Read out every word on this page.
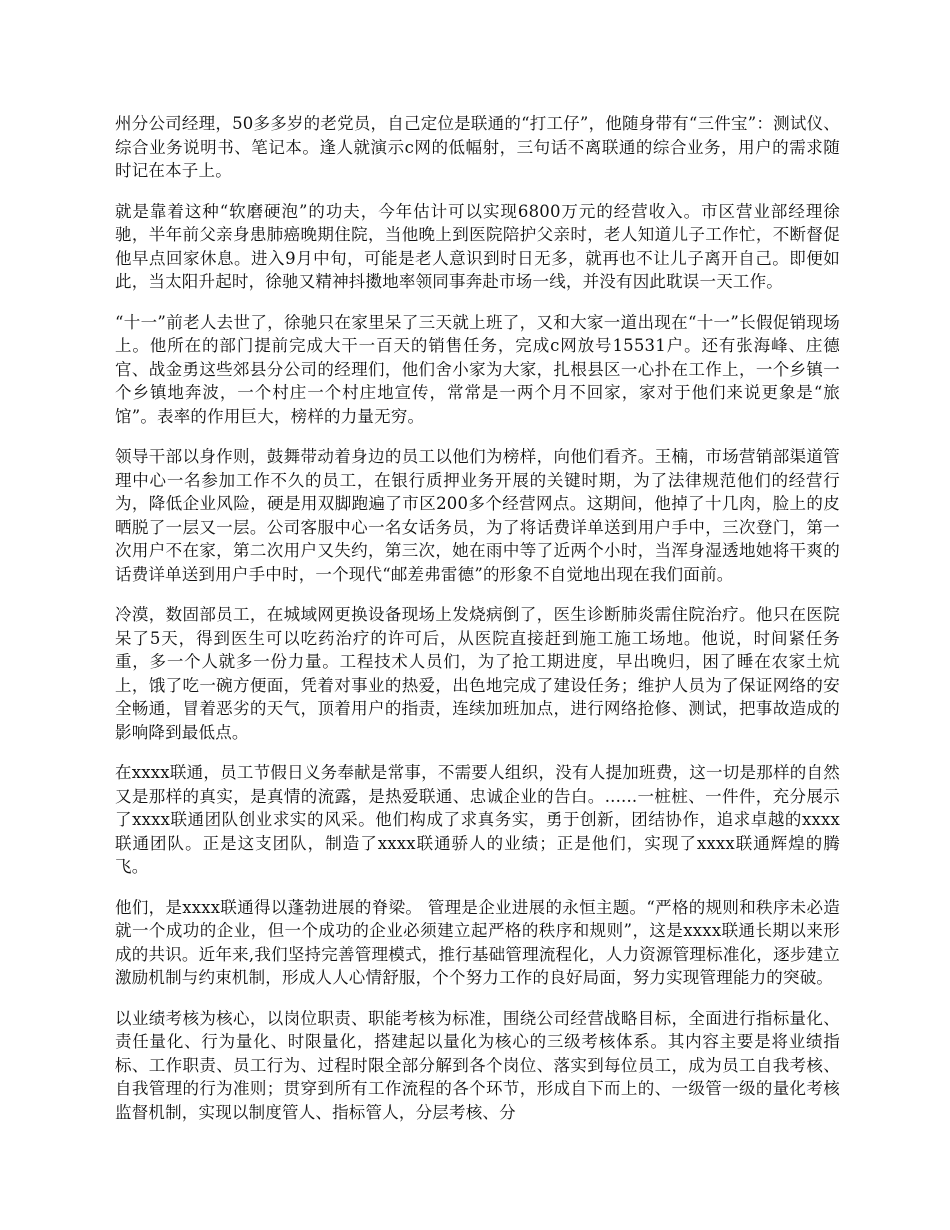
州分公司经理，50多多岁的老党员，自己定位是联通的“打工仔”，他随身带有“三件宝”：测试仪、综合业务说明书、笔记本。逢人就演示c网的低幅射，三句话不离联通的综合业务，用户的需求随时记在本子上。

就是靠着这种“软磨硬泡”的功夫，今年估计可以实现6800万元的经营收入。市区营业部经理徐驰，半年前父亲身患肺癌晚期住院，当他晚上到医院陪护父亲时，老人知道儿子工作忙，不断督促他早点回家休息。进入9月中旬，可能是老人意识到时日无多，就再也不让儿子离开自己。即便如此，当太阳升起时，徐驰又精神抖擞地率领同事奔赴市场一线，并没有因此耽误一天工作。

“十一”前老人去世了，徐驰只在家里呆了三天就上班了，又和大家一道出现在“十一”长假促销现场上。他所在的部门提前完成大干一百天的销售任务，完成c网放号15531户。还有张海峰、庄德官、战金勇这些郊县分公司的经理们，他们舍小家为大家，扎根县区一心扑在工作上，一个乡镇一个乡镇地奔波，一个村庄一个村庄地宣传，常常是一两个月不回家，家对于他们来说更象是“旅馆”。表率的作用巨大，榜样的力量无穷。

领导干部以身作则，鼓舞带动着身边的员工以他们为榜样，向他们看齐。王楠，市场营销部渠道管理中心一名参加工作不久的员工，在银行质押业务开展的关键时期，为了法律规范他们的经营行为，降低企业风险，硬是用双脚跑遍了市区200多个经营网点。这期间，他掉了十几肉，脸上的皮晒脱了一层又一层。公司客服中心一名女话务员，为了将话费详单送到用户手中，三次登门，第一次用户不在家，第二次用户又失约，第三次，她在雨中等了近两个小时，当浑身湿透地她将干爽的话费详单送到用户手中时，一个现代“邮差弗雷德”的形象不自觉地出现在我们面前。

冷漠，数固部员工，在城域网更换设备现场上发烧病倒了，医生诊断肺炎需住院治疗。他只在医院呆了5天，得到医生可以吃药治疗的许可后，从医院直接赶到施工施工场地。他说，时间紧任务重，多一个人就多一份力量。工程技术人员们，为了抢工期进度，早出晚归，困了睡在农家土炕上，饿了吃一碗方便面，凭着对事业的热爱，出色地完成了建设任务；维护人员为了保证网络的安全畅通，冒着恶劣的天气，顶着用户的指责，连续加班加点，进行网络抢修、测试，把事故造成的影响降到最低点。

在xxxx联通，员工节假日义务奉献是常事，不需要人组织，没有人提加班费，这一切是那样的自然又是那样的真实，是真情的流露，是热爱联通、忠诚企业的告白。......一桩桩、一件件，充分展示了xxxx联通团队创业求实的风采。他们构成了求真务实，勇于创新，团结协作，追求卓越的xxxx联通团队。正是这支团队，制造了xxxx联通骄人的业绩；正是他们，实现了xxxx联通辉煌的腾飞。

他们，是xxxx联通得以蓬勃进展的脊梁。 管理是企业进展的永恒主题。“严格的规则和秩序未必造就一个成功的企业，但一个成功的企业必须建立起严格的秩序和规则”，这是xxxx联通长期以来形成的共识。近年来,我们坚持完善管理模式，推行基础管理流程化，人力资源管理标准化，逐步建立激励机制与约束机制，形成人人心情舒服，个个努力工作的良好局面，努力实现管理能力的突破。

以业绩考核为核心，以岗位职责、职能考核为标准，围绕公司经营战略目标，全面进行指标量化、责任量化、行为量化、时限量化，搭建起以量化为核心的三级考核体系。其内容主要是将业绩指标、工作职责、员工行为、过程时限全部分解到各个岗位、落实到每位员工，成为员工自我考核、自我管理的行为准则；贯穿到所有工作流程的各个环节，形成自下而上的、一级管一级的量化考核监督机制，实现以制度管人、指标管人，分层考核、分
